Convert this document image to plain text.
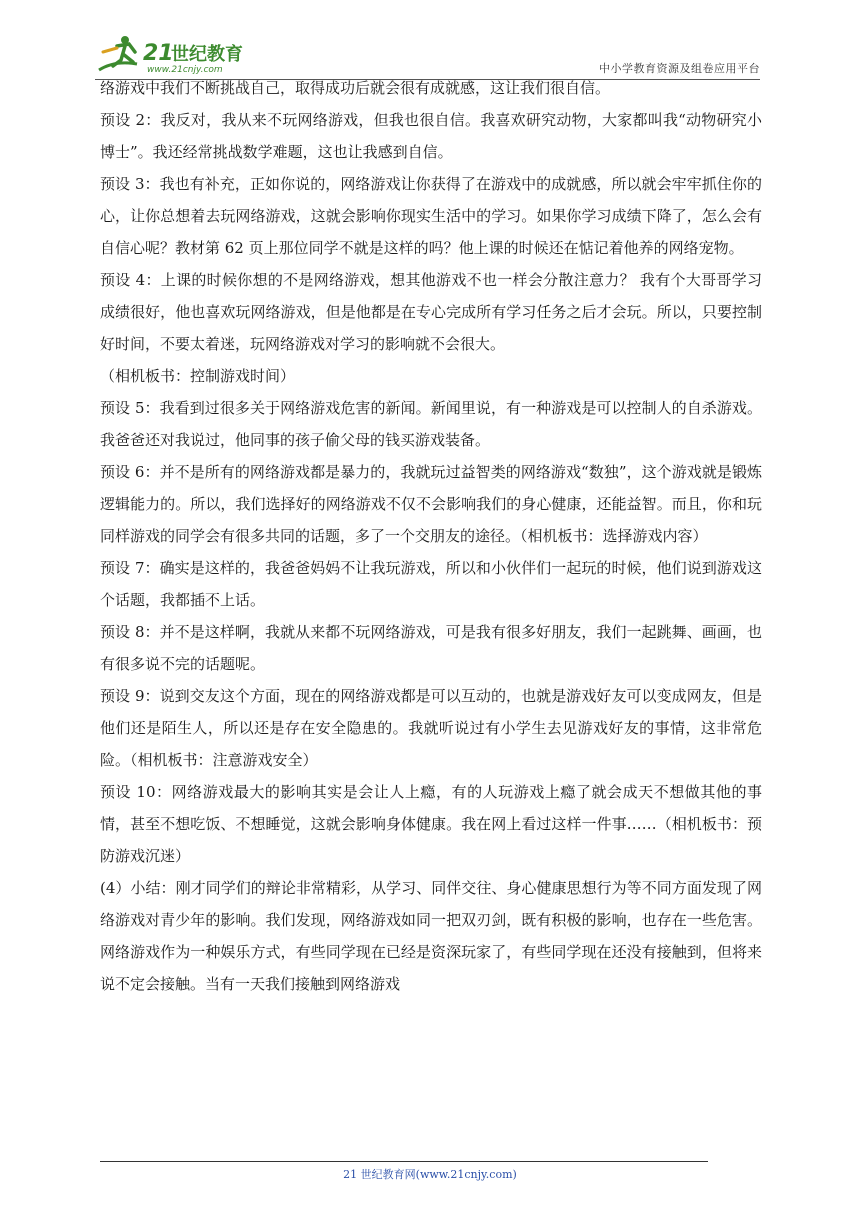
21
世纪教育
www.21cnjy.com	中小学教育资源及组卷应用平台

络游戏中我们不断挑战自己，取得成功后就会很有成就感，这让我们很自信。

预设 2：我反对，我从来不玩网络游戏，但我也很自信。我喜欢研究动物，大家都叫我“动物研究小博士”。我还经常挑战数学难题，这也让我感到自信。

预设 3：我也有补充，正如你说的，网络游戏让你获得了在游戏中的成就感，所以就会牢牢抓住你的心，让你总想着去玩网络游戏，这就会影响你现实生活中的学习。如果你学习成绩下降了，怎么会有自信心呢？教材第 62 页上那位同学不就是这样的吗？他上课的时候还在惦记着他养的网络宠物。

预设 4：上课的时候你想的不是网络游戏，想其他游戏不也一样会分散注意力？ 我有个大哥哥学习成绩很好，他也喜欢玩网络游戏，但是他都是在专心完成所有学习任务之后才会玩。所以，只要控制好时间，不要太着迷，玩网络游戏对学习的影响就不会很大。

（相机板书：控制游戏时间）

预设 5：我看到过很多关于网络游戏危害的新闻。新闻里说，有一种游戏是可以控制人的自杀游戏。我爸爸还对我说过，他同事的孩子偷父母的钱买游戏装备。

预设 6：并不是所有的网络游戏都是暴力的，我就玩过益智类的网络游戏“数独”，这个游戏就是锻炼逻辑能力的。所以，我们选择好的网络游戏不仅不会影响我们的身心健康，还能益智。而且，你和玩同样游戏的同学会有很多共同的话题，多了一个交朋友的途径。（相机板书：选择游戏内容）

预设 7：确实是这样的，我爸爸妈妈不让我玩游戏，所以和小伙伴们一起玩的时候，他们说到游戏这个话题，我都插不上话。

预设 8：并不是这样啊，我就从来都不玩网络游戏，可是我有很多好朋友，我们一起跳舞、画画，也有很多说不完的话题呢。

预设 9：说到交友这个方面，现在的网络游戏都是可以互动的，也就是游戏好友可以变成网友，但是他们还是陌生人，所以还是存在安全隐患的。我就听说过有小学生去见游戏好友的事情，这非常危险。（相机板书：注意游戏安全）

预设 10：网络游戏最大的影响其实是会让人上瘾，有的人玩游戏上瘾了就会成天不想做其他的事情，甚至不想吃饭、不想睡觉，这就会影响身体健康。我在网上看过这样一件事……（相机板书：预防游戏沉迷）

(4）小结：刚才同学们的辩论非常精彩，从学习、同伴交往、身心健康思想行为等不同方面发现了网络游戏对青少年的影响。我们发现，网络游戏如同一把双刃剑，既有积极的影响，也存在一些危害。网络游戏作为一种娱乐方式，有些同学现在已经是资深玩家了，有些同学现在还没有接触到，但将来说不定会接触。当有一天我们接触到网络游戏

21 世纪教育网(www.21cnjy.com)
